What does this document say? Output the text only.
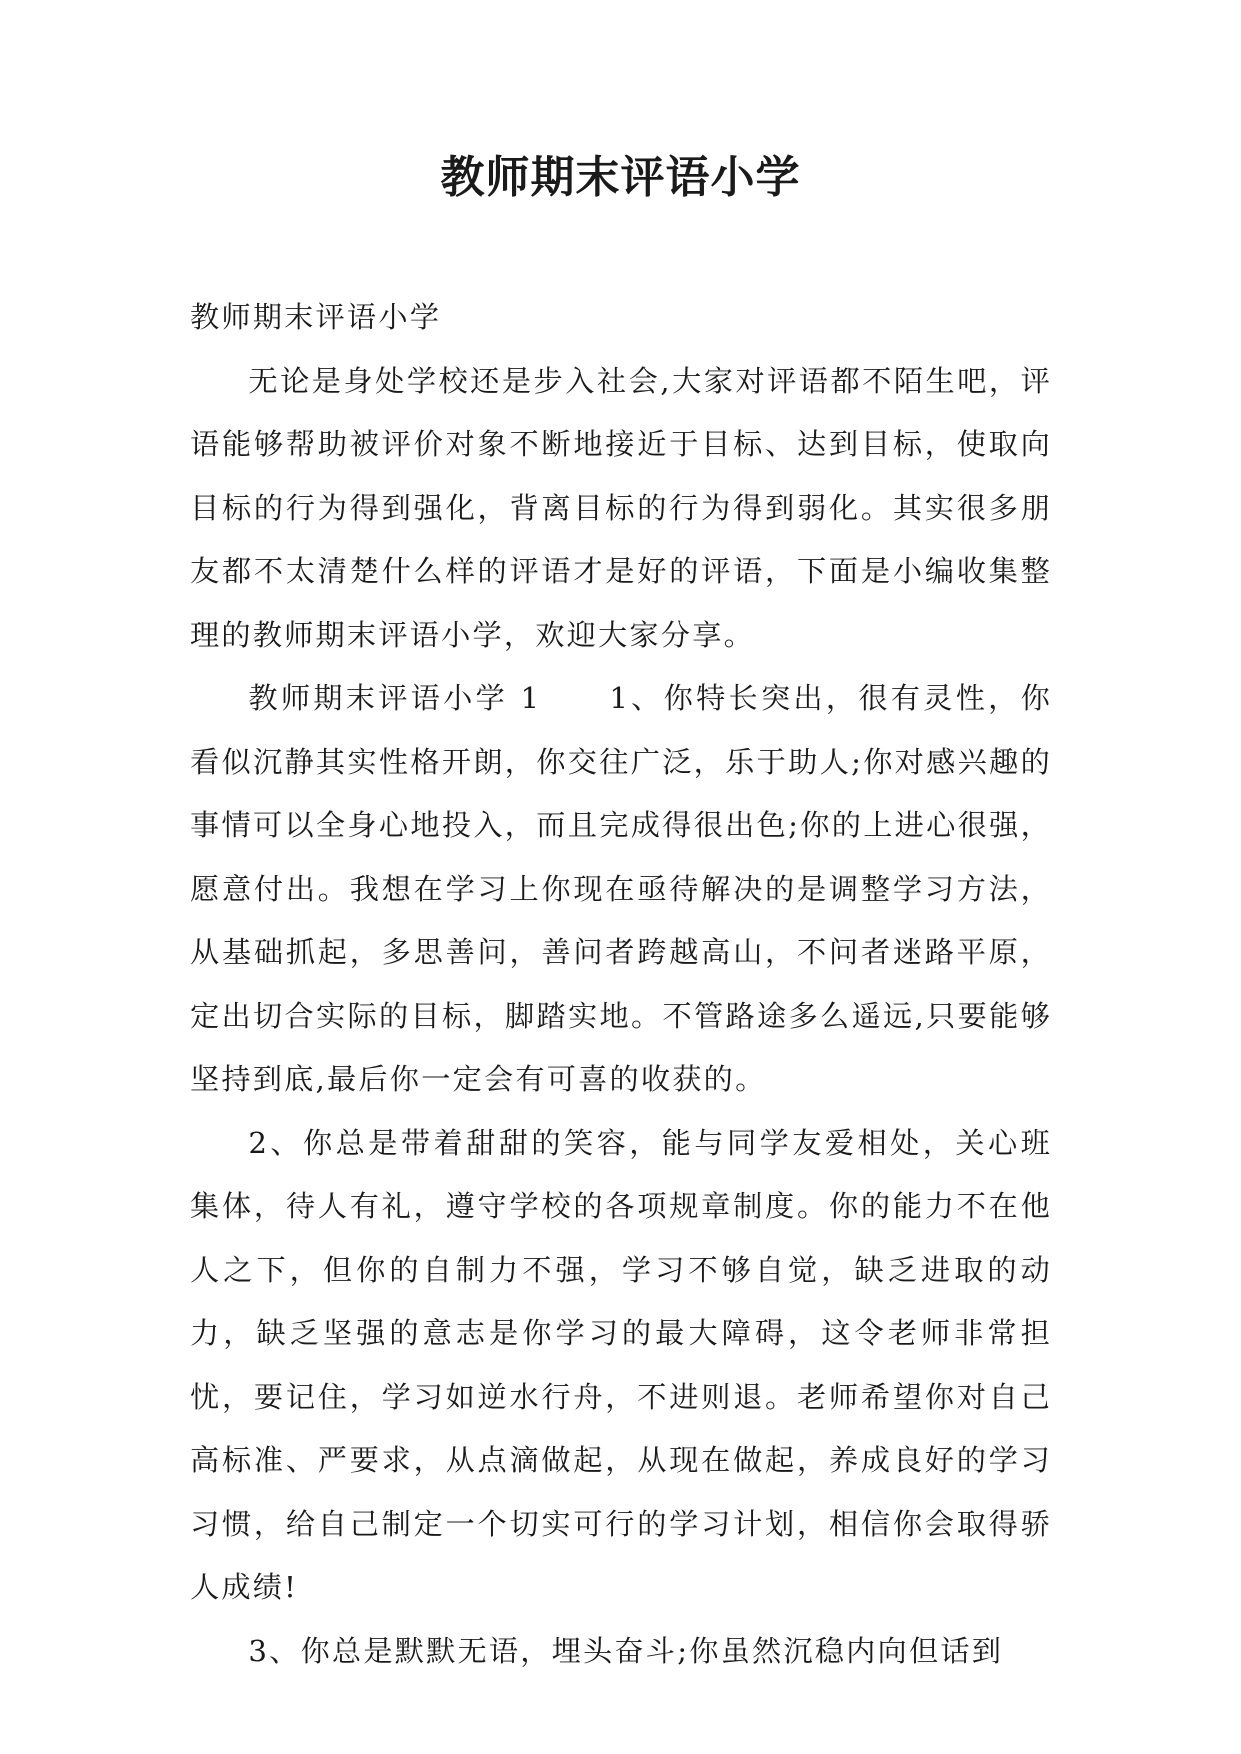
教师期末评语小学

教师期末评语小学

无论是身处学校还是步入社会,大家对评语都不陌生吧，评语能够帮助被评价对象不断地接近于目标、达到目标，使取向目标的行为得到强化，背离目标的行为得到弱化。其实很多朋友都不太清楚什么样的评语才是好的评语，下面是小编收集整理的教师期末评语小学，欢迎大家分享。

教师期末评语小学 1 1、你特长突出，很有灵性，你看似沉静其实性格开朗，你交往广泛，乐于助人;你对感兴趣的事情可以全身心地投入，而且完成得很出色;你的上进心很强，愿意付出。我想在学习上你现在亟待解决的是调整学习方法，从基础抓起，多思善问，善问者跨越高山，不问者迷路平原，定出切合实际的目标，脚踏实地。不管路途多么遥远,只要能够坚持到底,最后你一定会有可喜的收获的。

2、你总是带着甜甜的笑容，能与同学友爱相处，关心班集体，待人有礼，遵守学校的各项规章制度。你的能力不在他人之下，但你的自制力不强，学习不够自觉，缺乏进取的动力，缺乏坚强的意志是你学习的最大障碍，这令老师非常担忧，要记住，学习如逆水行舟，不进则退。老师希望你对自己高标准、严要求，从点滴做起，从现在做起，养成良好的学习习惯，给自己制定一个切实可行的学习计划，相信你会取得骄人成绩!

3、你总是默默无语，埋头奋斗;你虽然沉稳内向但话到
